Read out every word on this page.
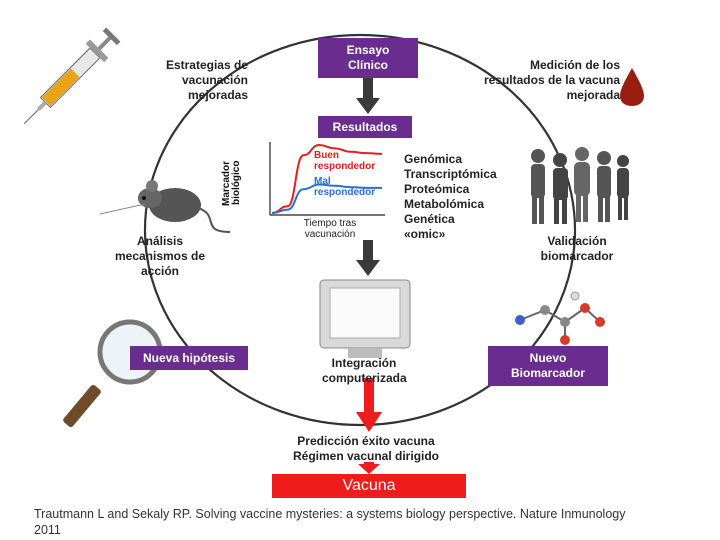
Ensayo Clínico
Resultados
Nueva hipótesis	Nuevo Biomarcador
Estrategias de vacunación mejoradas
Medición de los resultados de la vacuna mejorada
Análisis mecanismos de acción
Genómica Transcriptómica Proteómica Metabolómica Genética «omic»	Validación biomarcador
Integración computerizada
Predicción éxito vacuna Régimen vacunal dirigido
Marcador biológico
Buen respondedor
Mal respondedor
Tiempo tras vacunación
Vacuna
Trautmann L and Sekaly RP. Solving vaccine mysteries: a systems biology perspective. Nature Inmunology 2011
